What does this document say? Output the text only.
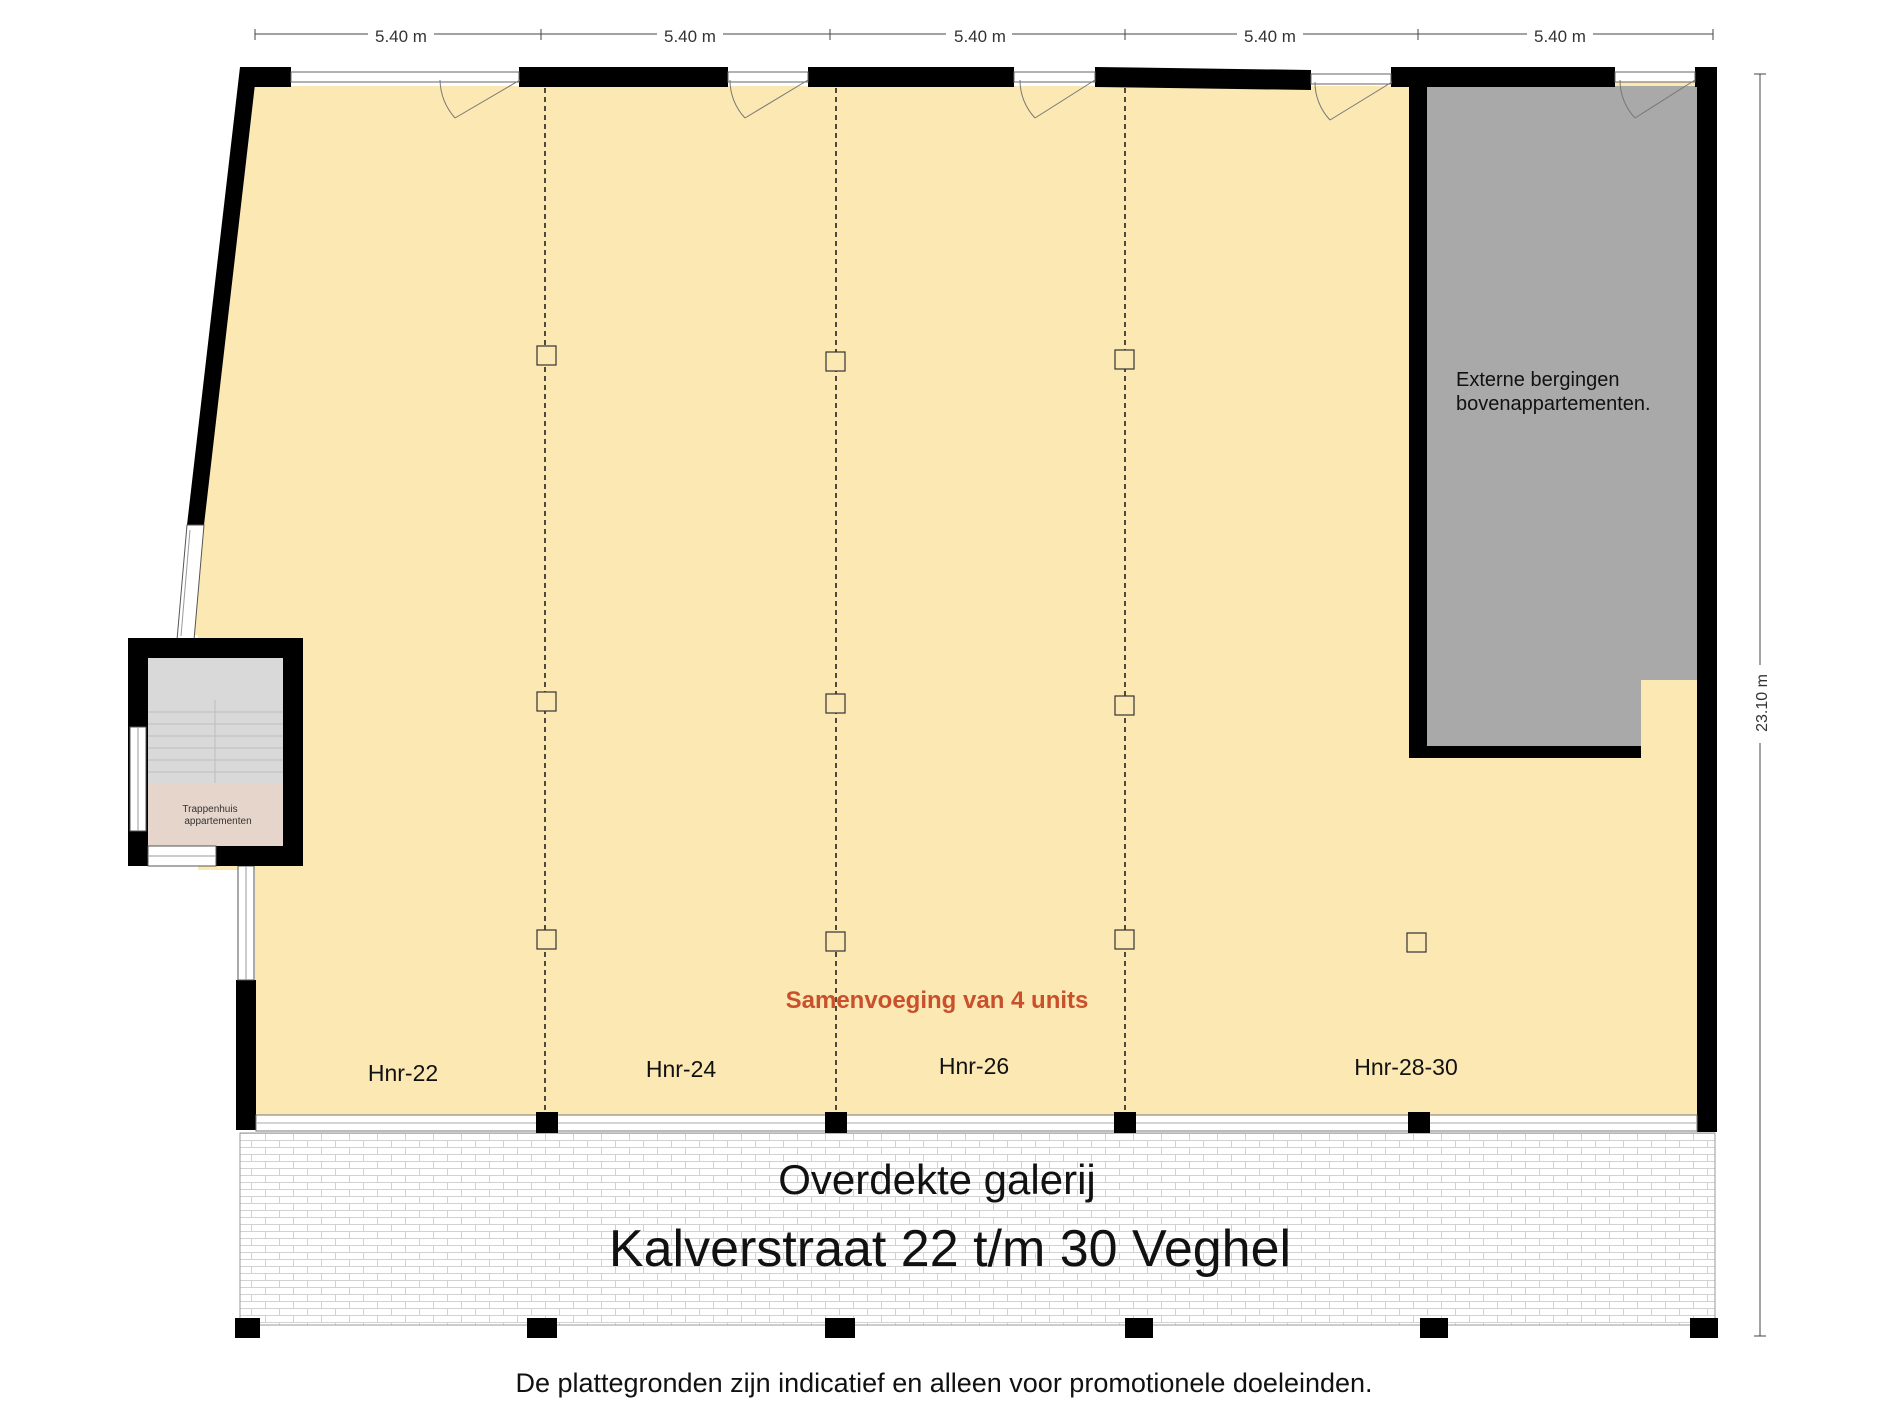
5.40 m	5.40 m	5.40 m	5.40 m	5.40 m
23.10 m
Trappenhuis
appartementen
Externe bergingen
bovenappartementen.
Samenvoeging van 4 units
Hnr-22	Hnr-24	Hnr-26	Hnr-28-30
Overdekte galerij
Kalverstraat 22 t/m 30 Veghel
De plattegronden zijn indicatief en alleen voor promotionele doeleinden.
